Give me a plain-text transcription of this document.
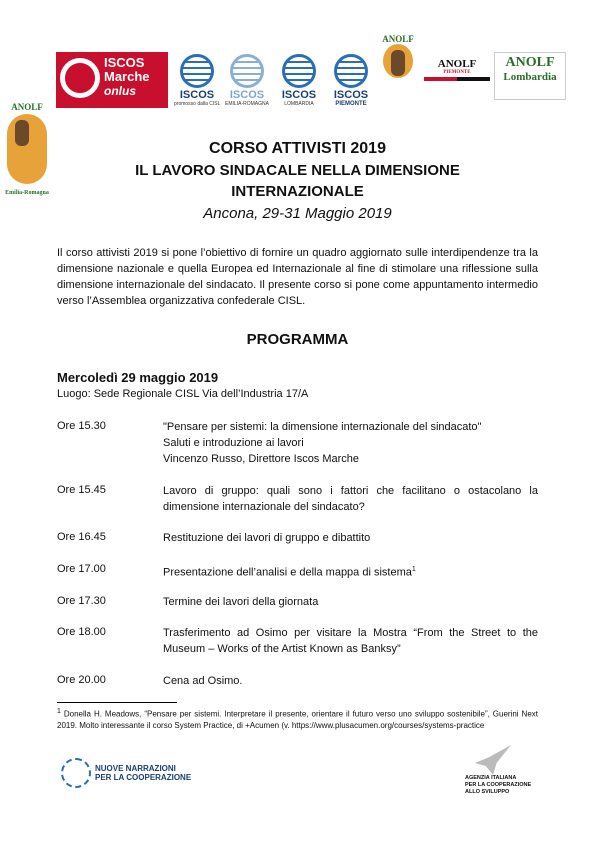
ISCOS
Marche
onlus	ISCOS
promosso dalla CISL
ISCOS
EMILIA-ROMAGNA
ISCOS
LOMBARDIA
ISCOS
PIEMONTE
ANOLF
ANOLF
PIEMONTE
ANOLF
Lombardia
ANOLF
Emilia-Romagna
CORSO ATTIVISTI 2019
IL LAVORO SINDACALE NELLA DIMENSIONE
INTERNAZIONALE
Ancona, 29-31 Maggio 2019
Il corso attivisti 2019 si pone l’obiettivo di fornire un quadro aggiornato sulle interdipendenze tra la dimensione nazionale e quella Europea ed Internazionale al fine di stimolare una riflessione sulla dimensione internazionale del sindacato. Il presente corso si pone come appuntamento intermedio verso l’Assemblea organizzativa confederale CISL.
PROGRAMMA
Mercoledì 29 maggio 2019
Luogo: Sede Regionale CISL Via dell’Industria 17/A
Ore 15.30	"Pensare per sistemi: la dimensione internazionale del sindacato"
Saluti e introduzione ai lavori
Vincenzo Russo, Direttore Iscos Marche
Ore 15.45	Lavoro di gruppo: quali sono i fattori che facilitano o ostacolano la dimensione internazionale del sindacato?
Ore 16.45	Restituzione dei lavori di gruppo e dibattito
Ore 17.00	Presentazione dell’analisi e della mappa di sistema$^1$
Ore 17.30	Termine dei lavori della giornata
Ore 18.00	Trasferimento ad Osimo per visitare la Mostra “From the Street to the Museum – Works of the Artist Known as Banksy”
Ore 20.00	Cena ad Osimo.
$^1$ Donella H. Meadows, “Pensare per sistemi. Interpretare il presente, orientare il futuro verso uno sviluppo sostenibile”, Guerini Next 2019. Molto interessante il corso System Practice, di +Acumen (v. https://www.plusacumen.org/courses/systems-practice
NUOVE NARRAZIONI
PER LA COOPERAZIONE	AGENZIA ITALIANA
PER LA COOPERAZIONE
ALLO SVILUPPO
